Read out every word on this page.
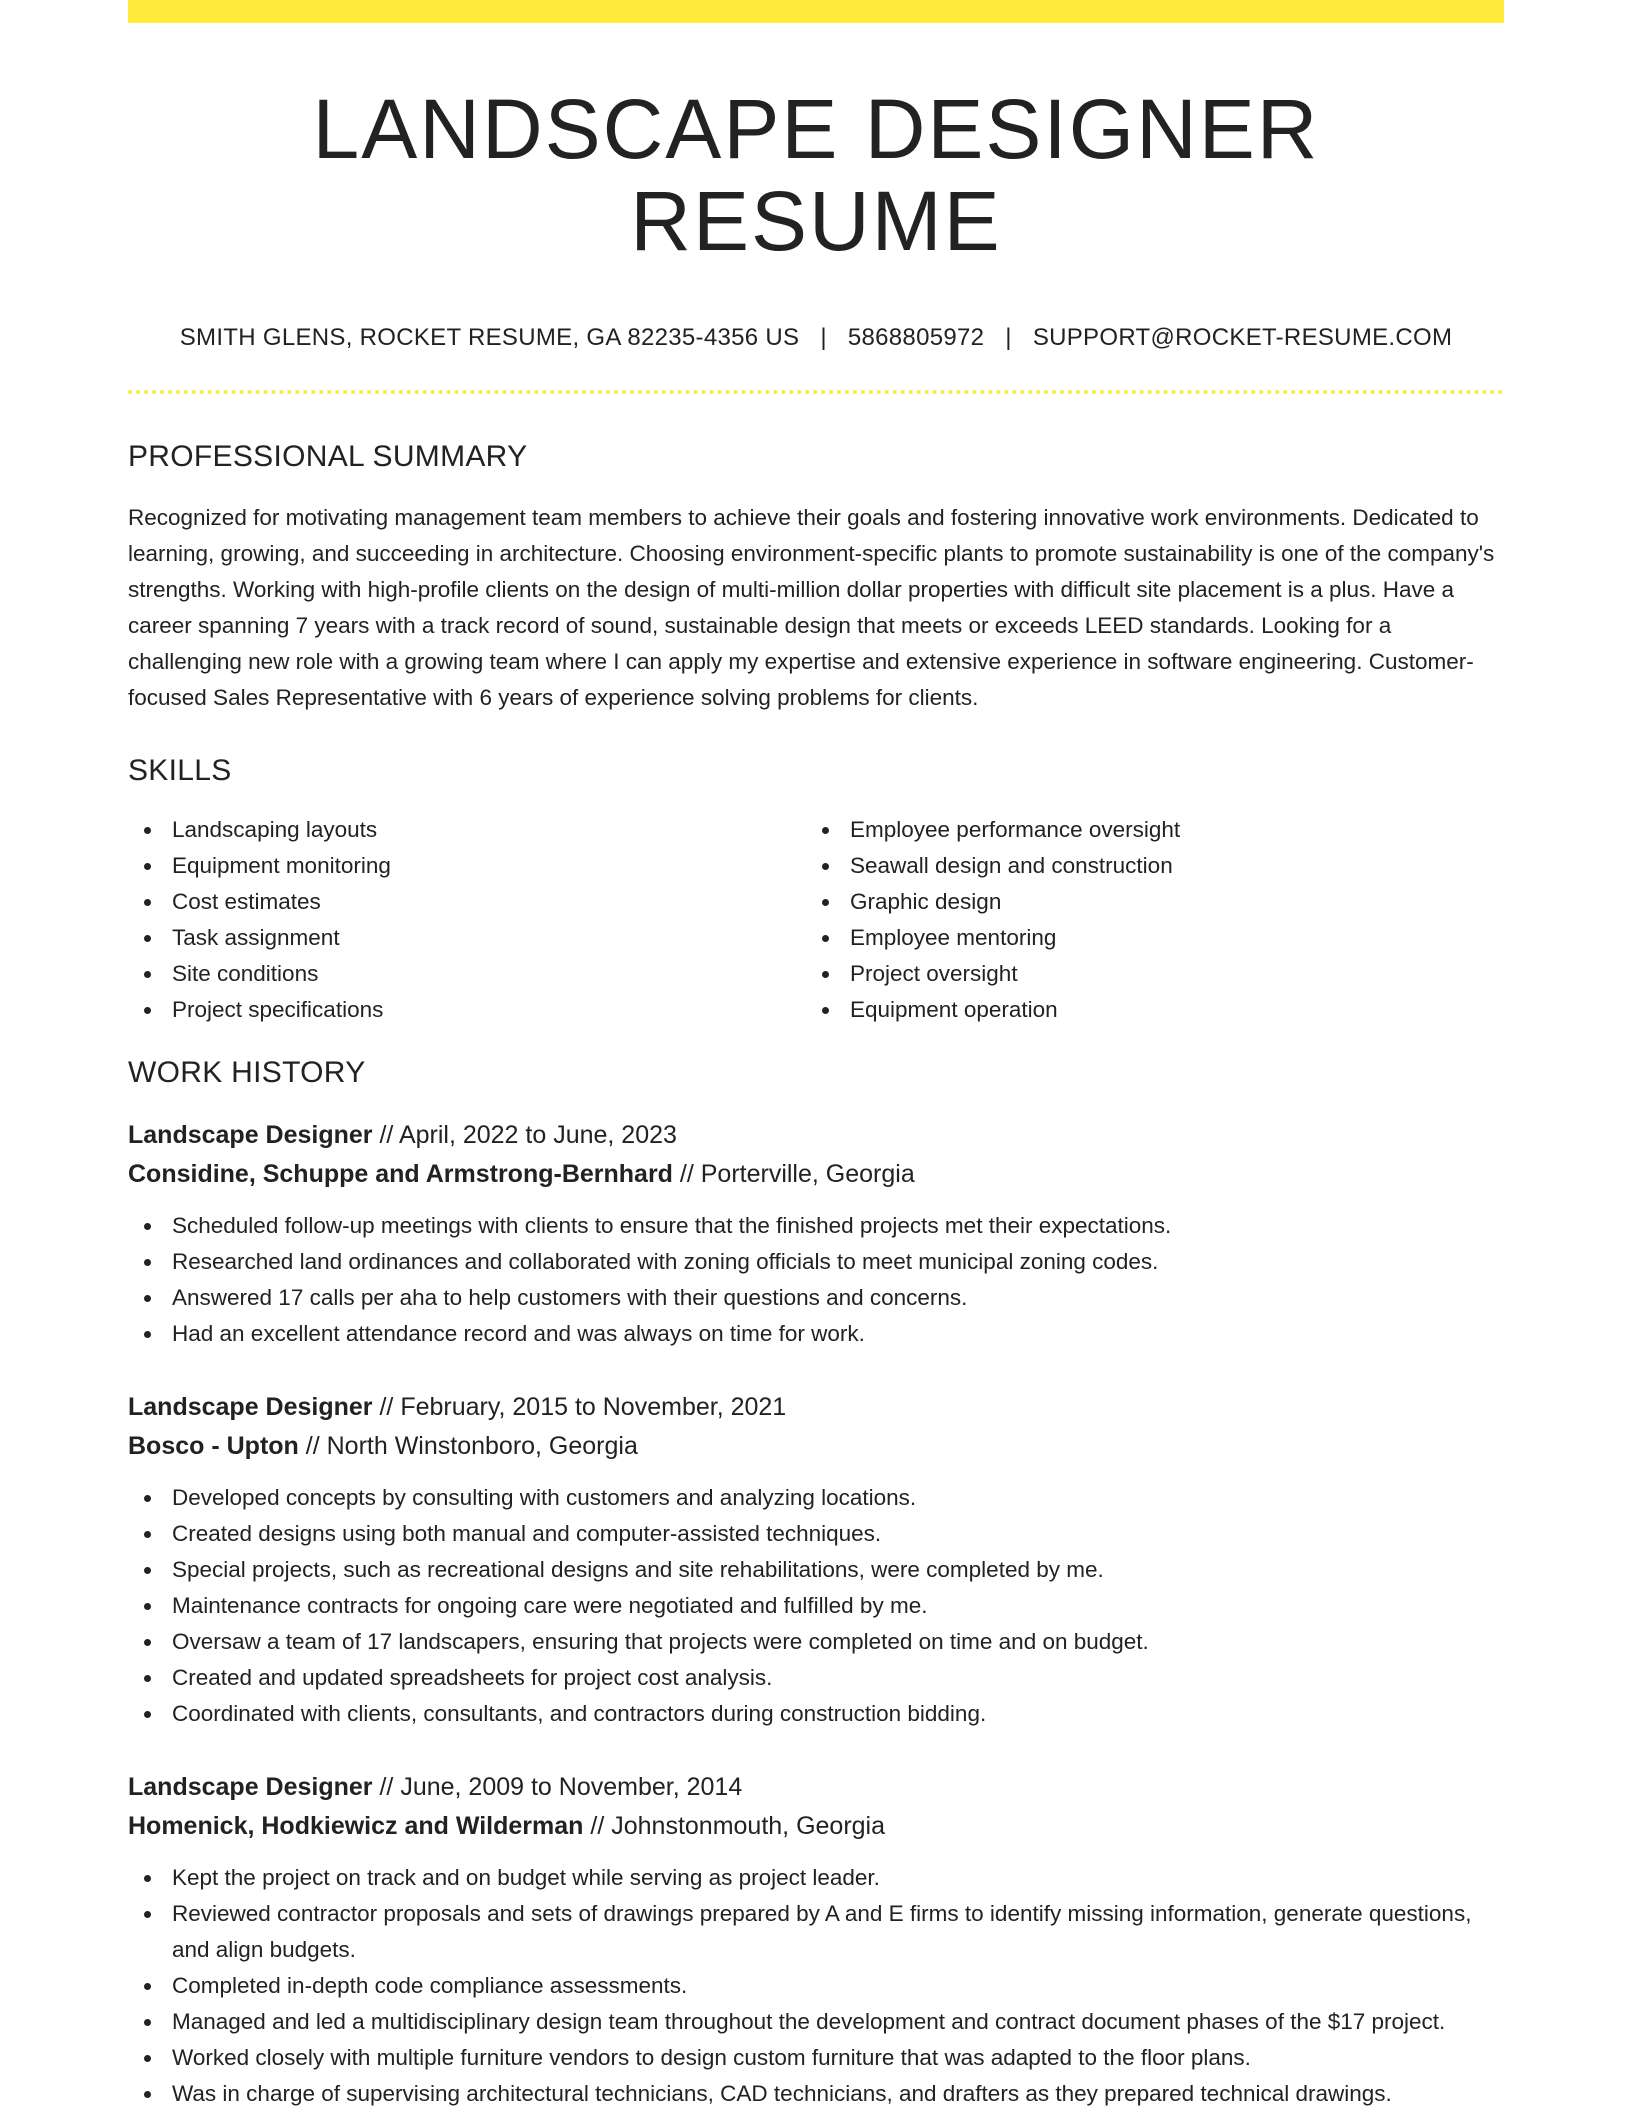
LANDSCAPE DESIGNER RESUME
SMITH GLENS, ROCKET RESUME, GA 82235-4356 US | 5868805972 | SUPPORT@ROCKET-RESUME.COM
PROFESSIONAL SUMMARY

Recognized for motivating management team members to achieve their goals and fostering innovative work environments. Dedicated to learning, growing, and succeeding in architecture. Choosing environment-specific plants to promote sustainability is one of the company's strengths. Working with high-profile clients on the design of multi-million dollar properties with difficult site placement is a plus. Have a career spanning 7 years with a track record of sound, sustainable design that meets or exceeds LEED standards. Looking for a challenging new role with a growing team where I can apply my expertise and extensive experience in software engineering. Customer-focused Sales Representative with 6 years of experience solving problems for clients.

SKILLS
Landscaping layouts
Equipment monitoring
Cost estimates
Task assignment
Site conditions
Project specifications
Employee performance oversight
Seawall design and construction
Graphic design
Employee mentoring
Project oversight
Equipment operation
WORK HISTORY
Landscape Designer // April, 2022 to June, 2023
Considine, Schuppe and Armstrong-Bernhard // Porterville, Georgia
Scheduled follow-up meetings with clients to ensure that the finished projects met their expectations.
Researched land ordinances and collaborated with zoning officials to meet municipal zoning codes.
Answered 17 calls per aha to help customers with their questions and concerns.
Had an excellent attendance record and was always on time for work.
Landscape Designer // February, 2015 to November, 2021
Bosco - Upton // North Winstonboro, Georgia
Developed concepts by consulting with customers and analyzing locations.
Created designs using both manual and computer-assisted techniques.
Special projects, such as recreational designs and site rehabilitations, were completed by me.
Maintenance contracts for ongoing care were negotiated and fulfilled by me.
Oversaw a team of 17 landscapers, ensuring that projects were completed on time and on budget.
Created and updated spreadsheets for project cost analysis.
Coordinated with clients, consultants, and contractors during construction bidding.
Landscape Designer // June, 2009 to November, 2014
Homenick, Hodkiewicz and Wilderman // Johnstonmouth, Georgia
Kept the project on track and on budget while serving as project leader.
Reviewed contractor proposals and sets of drawings prepared by A and E firms to identify missing information, generate questions, and align budgets.
Completed in-depth code compliance assessments.
Managed and led a multidisciplinary design team throughout the development and contract document phases of the $17 project.
Worked closely with multiple furniture vendors to design custom furniture that was adapted to the floor plans.
Was in charge of supervising architectural technicians, CAD technicians, and drafters as they prepared technical drawings.
